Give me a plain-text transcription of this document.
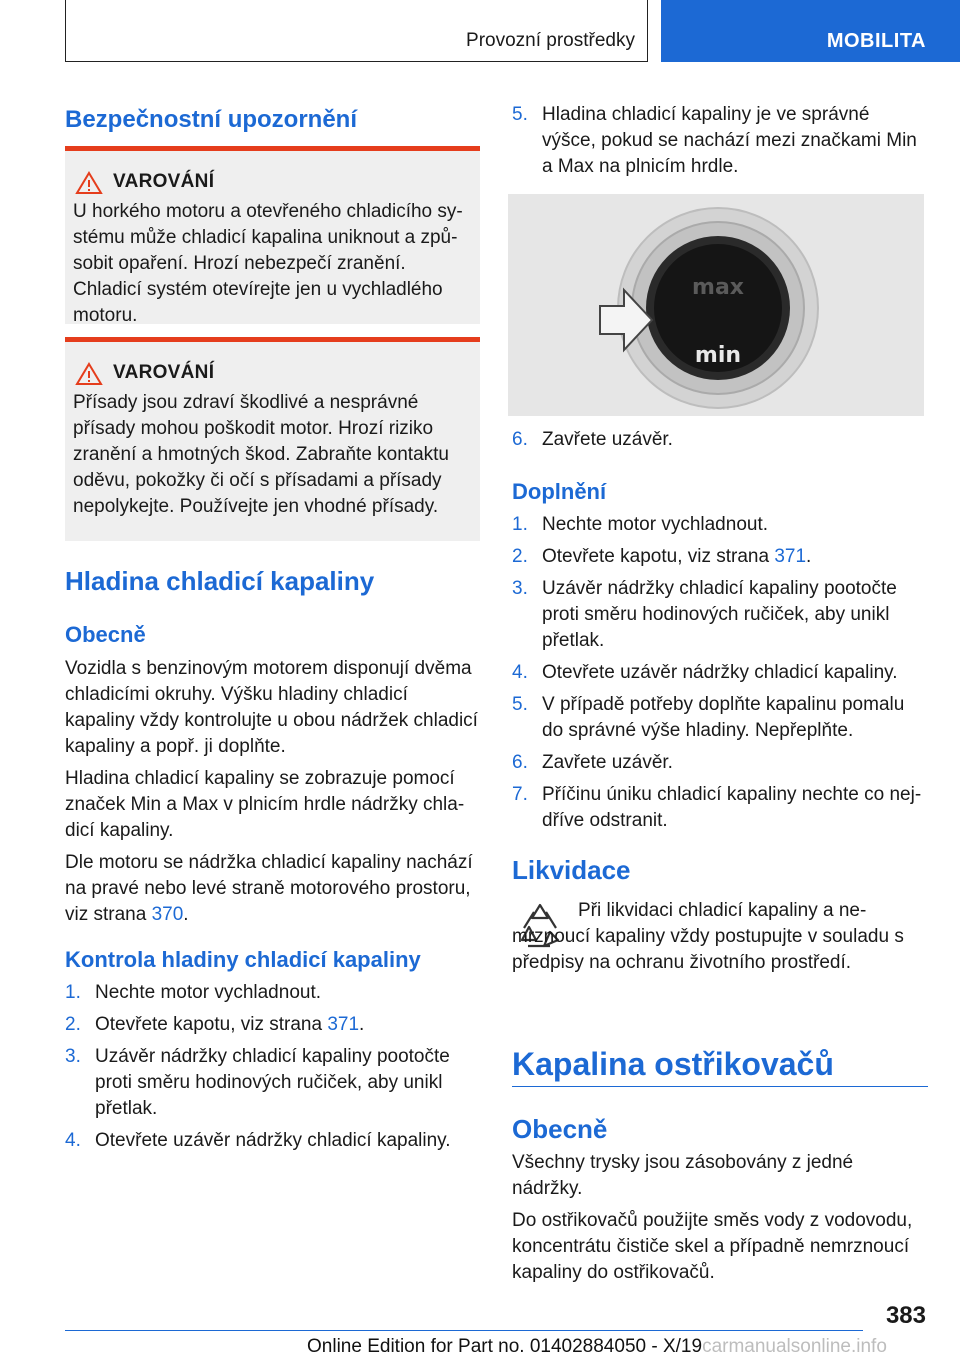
Provozní prostředky	MOBILITA
Bezpečnostní upozornění
VAROVÁNÍ
U horkého motoru a otevřeného chladicího systému může chladicí kapalina uniknout a způsobit opaření. Hrozí nebezpečí zranění. Chladicí systém otevírejte jen u vychladlého motoru.
VAROVÁNÍ
Přísady jsou zdraví škodlivé a nesprávné přísady mohou poškodit motor. Hrozí riziko zranění a hmotných škod. Zabraňte kontaktu oděvu, pokožky či očí s přísadami a přísady nepolykejte. Používejte jen vhodné přísady.
Hladina chladicí kapaliny
Obecně

Vozidla s benzinovým motorem disponují dvěma chladicími okruhy. Výšku hladiny chladicí kapaliny vždy kontrolujte u obou nádržek chladicí kapaliny a popř. ji doplňte.

Hladina chladicí kapaliny se zobrazuje pomocí značek Min a Max v plnicím hrdle nádržky chladicí kapaliny.

Dle motoru se nádržka chladicí kapaliny nachází na pravé nebo levé straně motorového prostoru, viz strana 370.

Kontrola hladiny chladicí kapaliny
1. Nechte motor vychladnout.
2. Otevřete kapotu, viz strana 371.
3. Uzávěr nádržky chladicí kapaliny pootočte proti směru hodinových ručiček, aby unikl přetlak.
4. Otevřete uzávěr nádržky chladicí kapaliny.
5. Hladina chladicí kapaliny je ve správné výšce, pokud se nachází mezi značkami Min a Max na plnicím hrdle.
max
min
6. Zavřete uzávěr.
Doplnění
1. Nechte motor vychladnout.
2. Otevřete kapotu, viz strana 371.
3. Uzávěr nádržky chladicí kapaliny pootočte proti směru hodinových ručiček, aby unikl přetlak.
4. Otevřete uzávěr nádržky chladicí kapaliny.
5. V případě potřeby doplňte kapalinu pomalu do správné výše hladiny. Nepřeplňte.
6. Zavřete uzávěr.
7. Příčinu úniku chladicí kapaliny nechte co nejdříve odstranit.
Likvidace

Při likvidaci chladicí kapaliny a nemrznoucí kapaliny vždy postupujte v souladu s předpisy na ochranu životního prostředí.

Kapalina ostřikovačů
Obecně

Všechny trysky jsou zásobovány z jedné nádržky.

Do ostřikovačů použijte směs vody z vodovodu, koncentrátu čističe skel a případně nemrznoucí kapaliny do ostřikovačů.

383
Online Edition for Part no. 01402884050 - X/19carmanualsonline.info
